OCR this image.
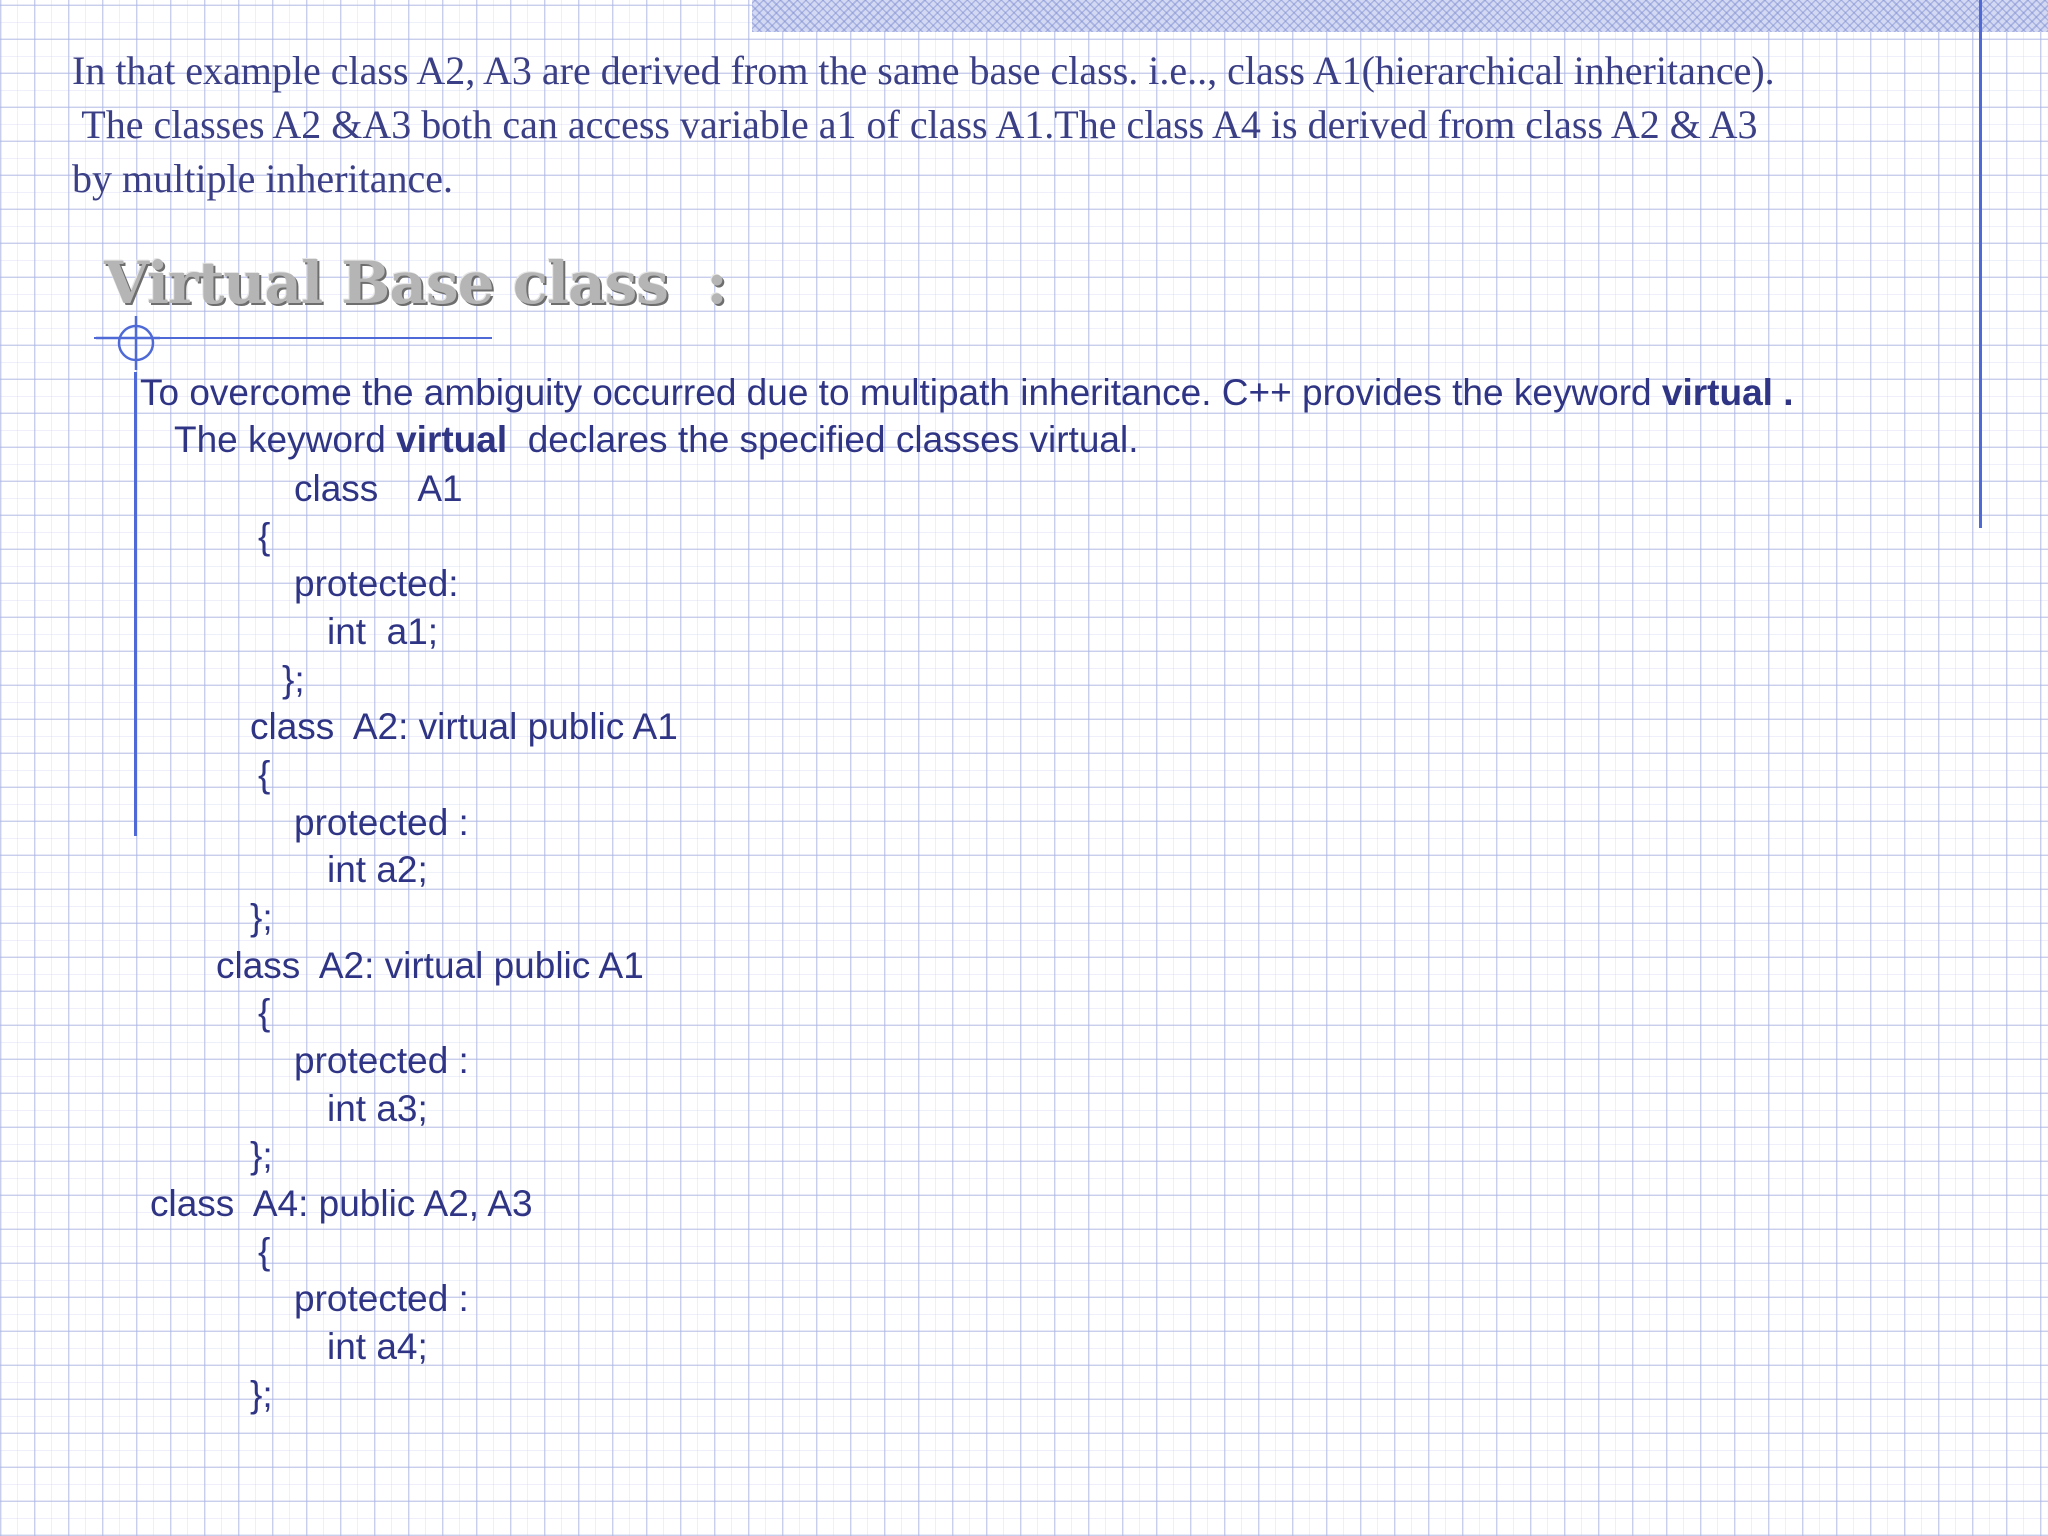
In that example class A2, A3 are derived from the same base class. i.e.., class A1(hierarchical inheritance).
The classes A2 &A3 both can access variable a1 of class A1.The class A4 is derived from class A2 & A3
by multiple inheritance.
Virtual Base class  :

To overcome the ambiguity occurred due to multipath inheritance. C++ provides the keyword virtual .

The keyword virtual  declares the specified classes virtual.

class    A1

{

protected:

int  a1;

};

class  A2: virtual public A1

{

protected :

int a2;

};

class  A2: virtual public A1

{

protected :

int a3;

};

class  A4: public A2, A3

{

protected :

int a4;

};
